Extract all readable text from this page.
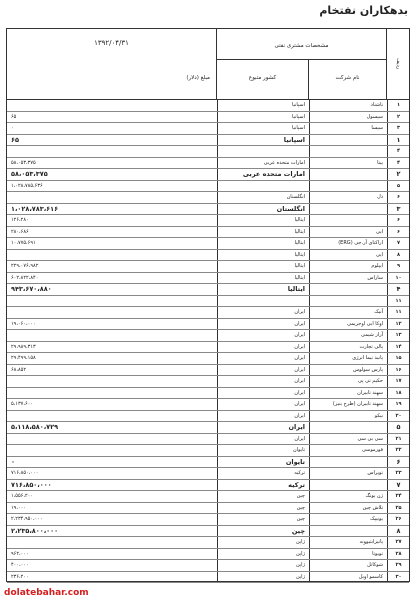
بدهکاران نفتخام
۱۳۹۲/۰۴/۳۱
مبلغ (دلار)
مشخصات مشتری نفتی
کشور متبوع	نام شرکت
ردیف
اسپانیا	ناشناد	۱
۶۵	اسپانیا	سپسول	۲
۰	اسپانیا	سپسا	۳
۶۵	اسپانیا	۱
۴
۵۸،۰۵۳،۳۷۵	امارات متحده عربی	بیتا	۴
۵۸،۰۵۳،۳۷۵	امارات متحده عربی	۲
۱،۰۲۸،۷۸۵،۶۳۶	۵
انگلستان	دل	۶
۱،۰۲۸،۷۸۳،۶۱۶	انگلستان	۳
۱۲۶،۲۸۰	ایتالیا	۶
۲۸۰،۶۸۶	ایتالیا	ایی	۶
۱۰،۷۷۵،۶۹۱	ایتالیا	اراکنای آر.جی (ERG)	۷
ایتالیا	ایی	۸
۲۲۹،۰۷۶،۹۸۲	ایتالیا	ایپلوم	۹
۶۰۲،۸۲۲،۸۴۰	ایتالیا	ساراس	۱۰
۹۴۳،۶۷۰،۸۸۰	ایتالیا	۴
۱۱
ایران	آنیک	۱۱
۱۹،۰۶۰،۰۰۰	ایران	اوکا ابی اوجریمی	۱۲
ایران	آراز شیمی	۱۳
۲۹،۹۸۹،۳۱۳	ایران	پالی تجارت	۱۴
۲۹،۴۹۹،۱۵۸	ایران	پانیذ نیما انرژی	۱۵
۶۸،۸۵۲	ایران	پارس سولوس	۱۶
ایران	حکیم تی پی	۱۷
ایران	سهند تابیران	۱۸
۵،۱۳۷،۶۰۰	ایران	سهند تابیران (طرح بنیز)	۱۹
ایران	نیکو	۲۰
۵،۱۱۸،۵۸۰،۷۲۹	ایران	۵
ایران	سی بی سی	۲۱
تایوان	فورموسی	۲۲
۰	تایوان	۶
۷۱۶،۸۵۰،۰۰۰	ترکیه	توپراس	۲۳
۷۱۶،۸۵۰،۰۰۰	ترکیه	۷
۱،۵۵۶،۲۰۰	چین	ژن یونگ	۲۴
۱۹،۰۰۰	چین	تلاش چین	۲۵
۲،۲۳۴،۹۵۰،۰۰۰	چین	یونیپک	۲۶
۲،۲۳۵،۸۰۰،۰۰۰	چین	۸
ژاپن	پانیزابتیوونه	۲۷
۹۶۲،۰۰۰	ژاپن	تویوتا	۲۸
۴۰۰،۰۰۰	ژاپن	شوکاتل	۲۹
۲۳۶،۲۰۰	ژاپن	کاسمو اویل	۳۰
dolatebahar.com
